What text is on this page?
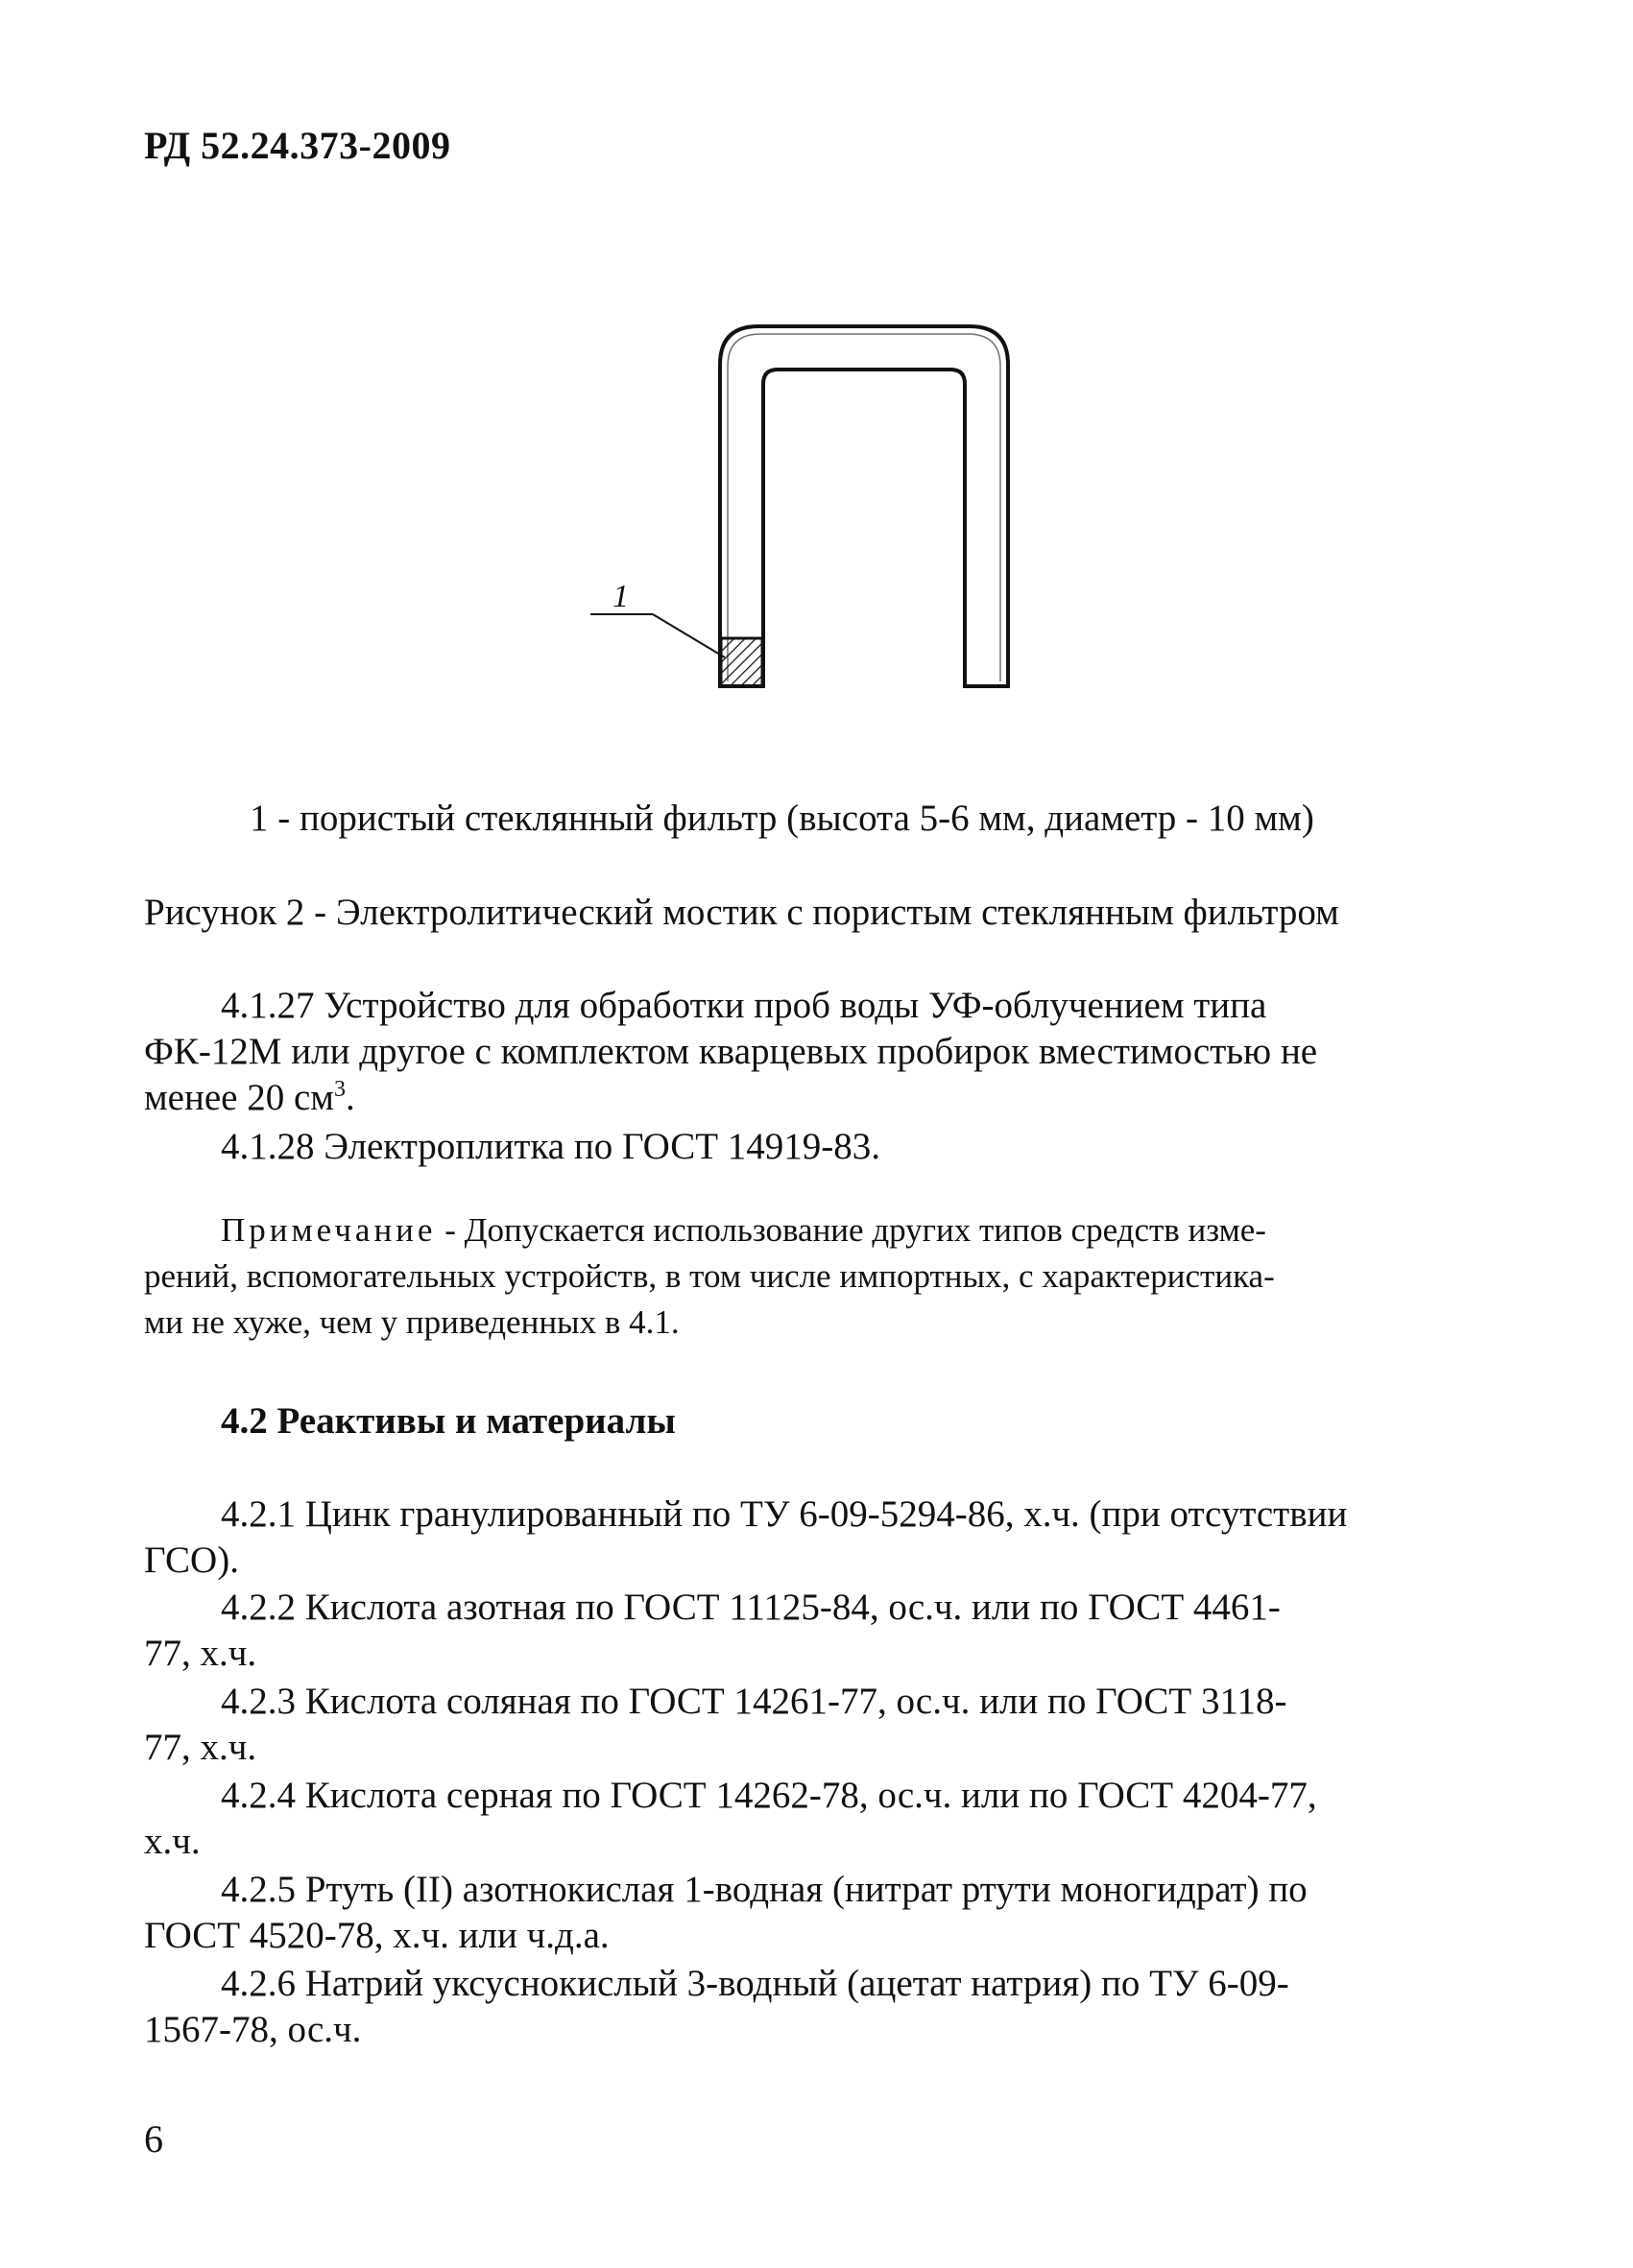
РД 52.24.373-2009
1
1 - пористый стеклянный фильтр (высота 5-6 мм, диаметр - 10 мм)
Рисунок 2 - Электролитический мостик с пористым стеклянным фильтром
4.1.27 Устройство для обработки проб воды УФ-облучением типа
ФК-12М или другое с комплектом кварцевых пробирок вместимостью не
менее 20 $см^3$.
4.1.28 Электроплитка по ГОСТ 14919-83.
Примечание - Допускается использование других типов средств изме-
рений, вспомогательных устройств, в том числе импортных, с характеристика-
ми не хуже, чем у приведенных в 4.1.
4.2 Реактивы и материалы
4.2.1 Цинк гранулированный по ТУ 6-09-5294-86, х.ч. (при отсутствии
ГСО).
4.2.2 Кислота азотная по ГОСТ 11125-84, ос.ч. или по ГОСТ 4461-
77, х.ч.
4.2.3 Кислота соляная по ГОСТ 14261-77, ос.ч. или по ГОСТ 3118-
77, х.ч.
4.2.4 Кислота серная по ГОСТ 14262-78, ос.ч. или по ГОСТ 4204-77,
х.ч.
4.2.5 Ртуть (II) азотнокислая 1-водная (нитрат ртути моногидрат) по
ГОСТ 4520-78, х.ч. или ч.д.а.
4.2.6 Натрий уксуснокислый 3-водный (ацетат натрия) по ТУ 6-09-
1567-78, ос.ч.
6
